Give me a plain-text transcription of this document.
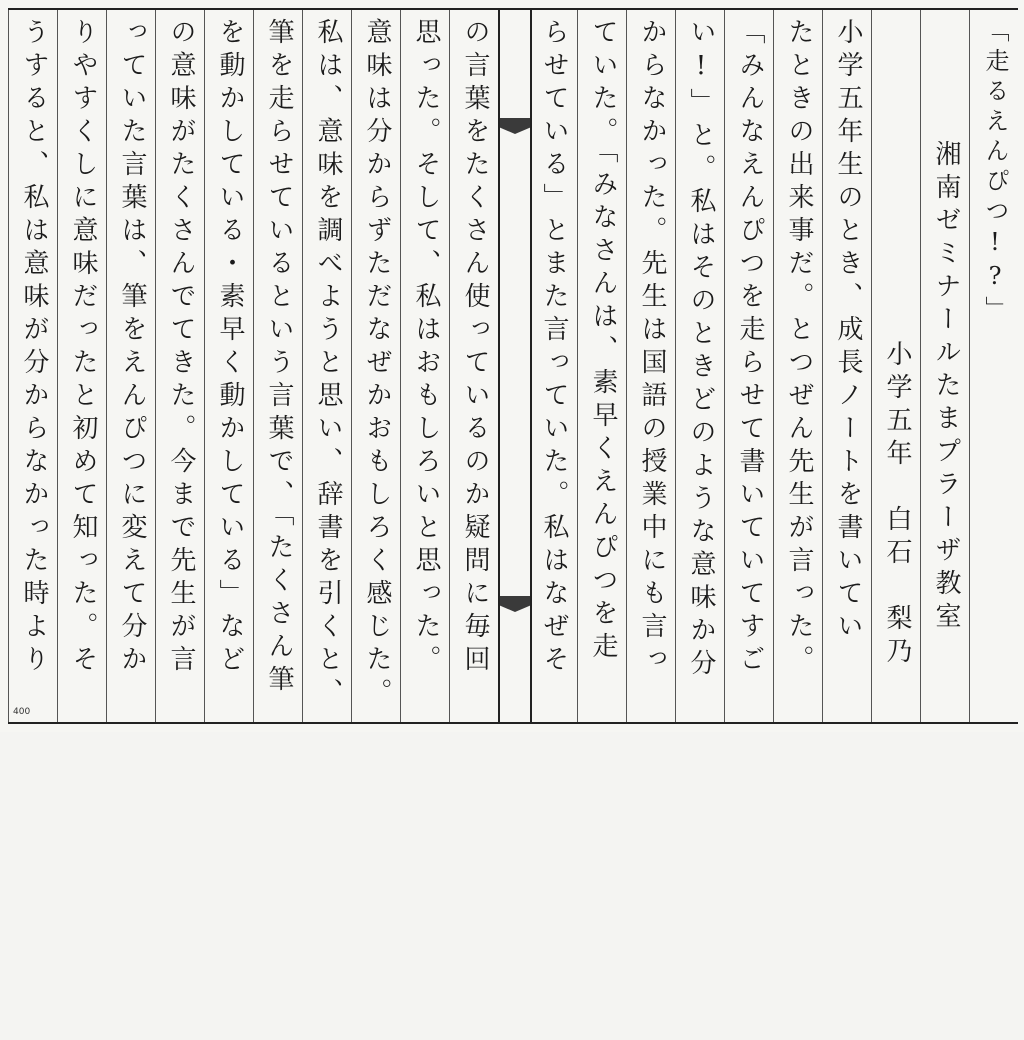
「走るえんぴつ!?」
湘南ゼミナールたまプラーザ教室
小学五年　白石　梨乃
小学五年生のとき、成長ノートを書いてい
たときの出来事だ。とつぜん先生が言った。
「みんなえんぴつを走らせて書いていてすご
い!」と。私はそのときどのような意味か分
からなかった。先生は国語の授業中にも言っ
ていた。「みなさんは、素早くえんぴつを走
らせている」とまた言っていた。私はなぜそ
の言葉をたくさん使っているのか疑問に毎回
思った。そして、私はおもしろいと思った。
意味は分からずただなぜかおもしろく感じた。
私は、意味を調べようと思い、辞書を引くと、
筆を走らせているという言葉で、「たくさん筆
を動かしている・素早く動かしている」など
の意味がたくさんでてきた。今まで先生が言
っていた言葉は、筆をえんぴつに変えて分か
りやすくしに意味だったと初めて知った。そ
うすると、私は意味が分からなかった時より
400
